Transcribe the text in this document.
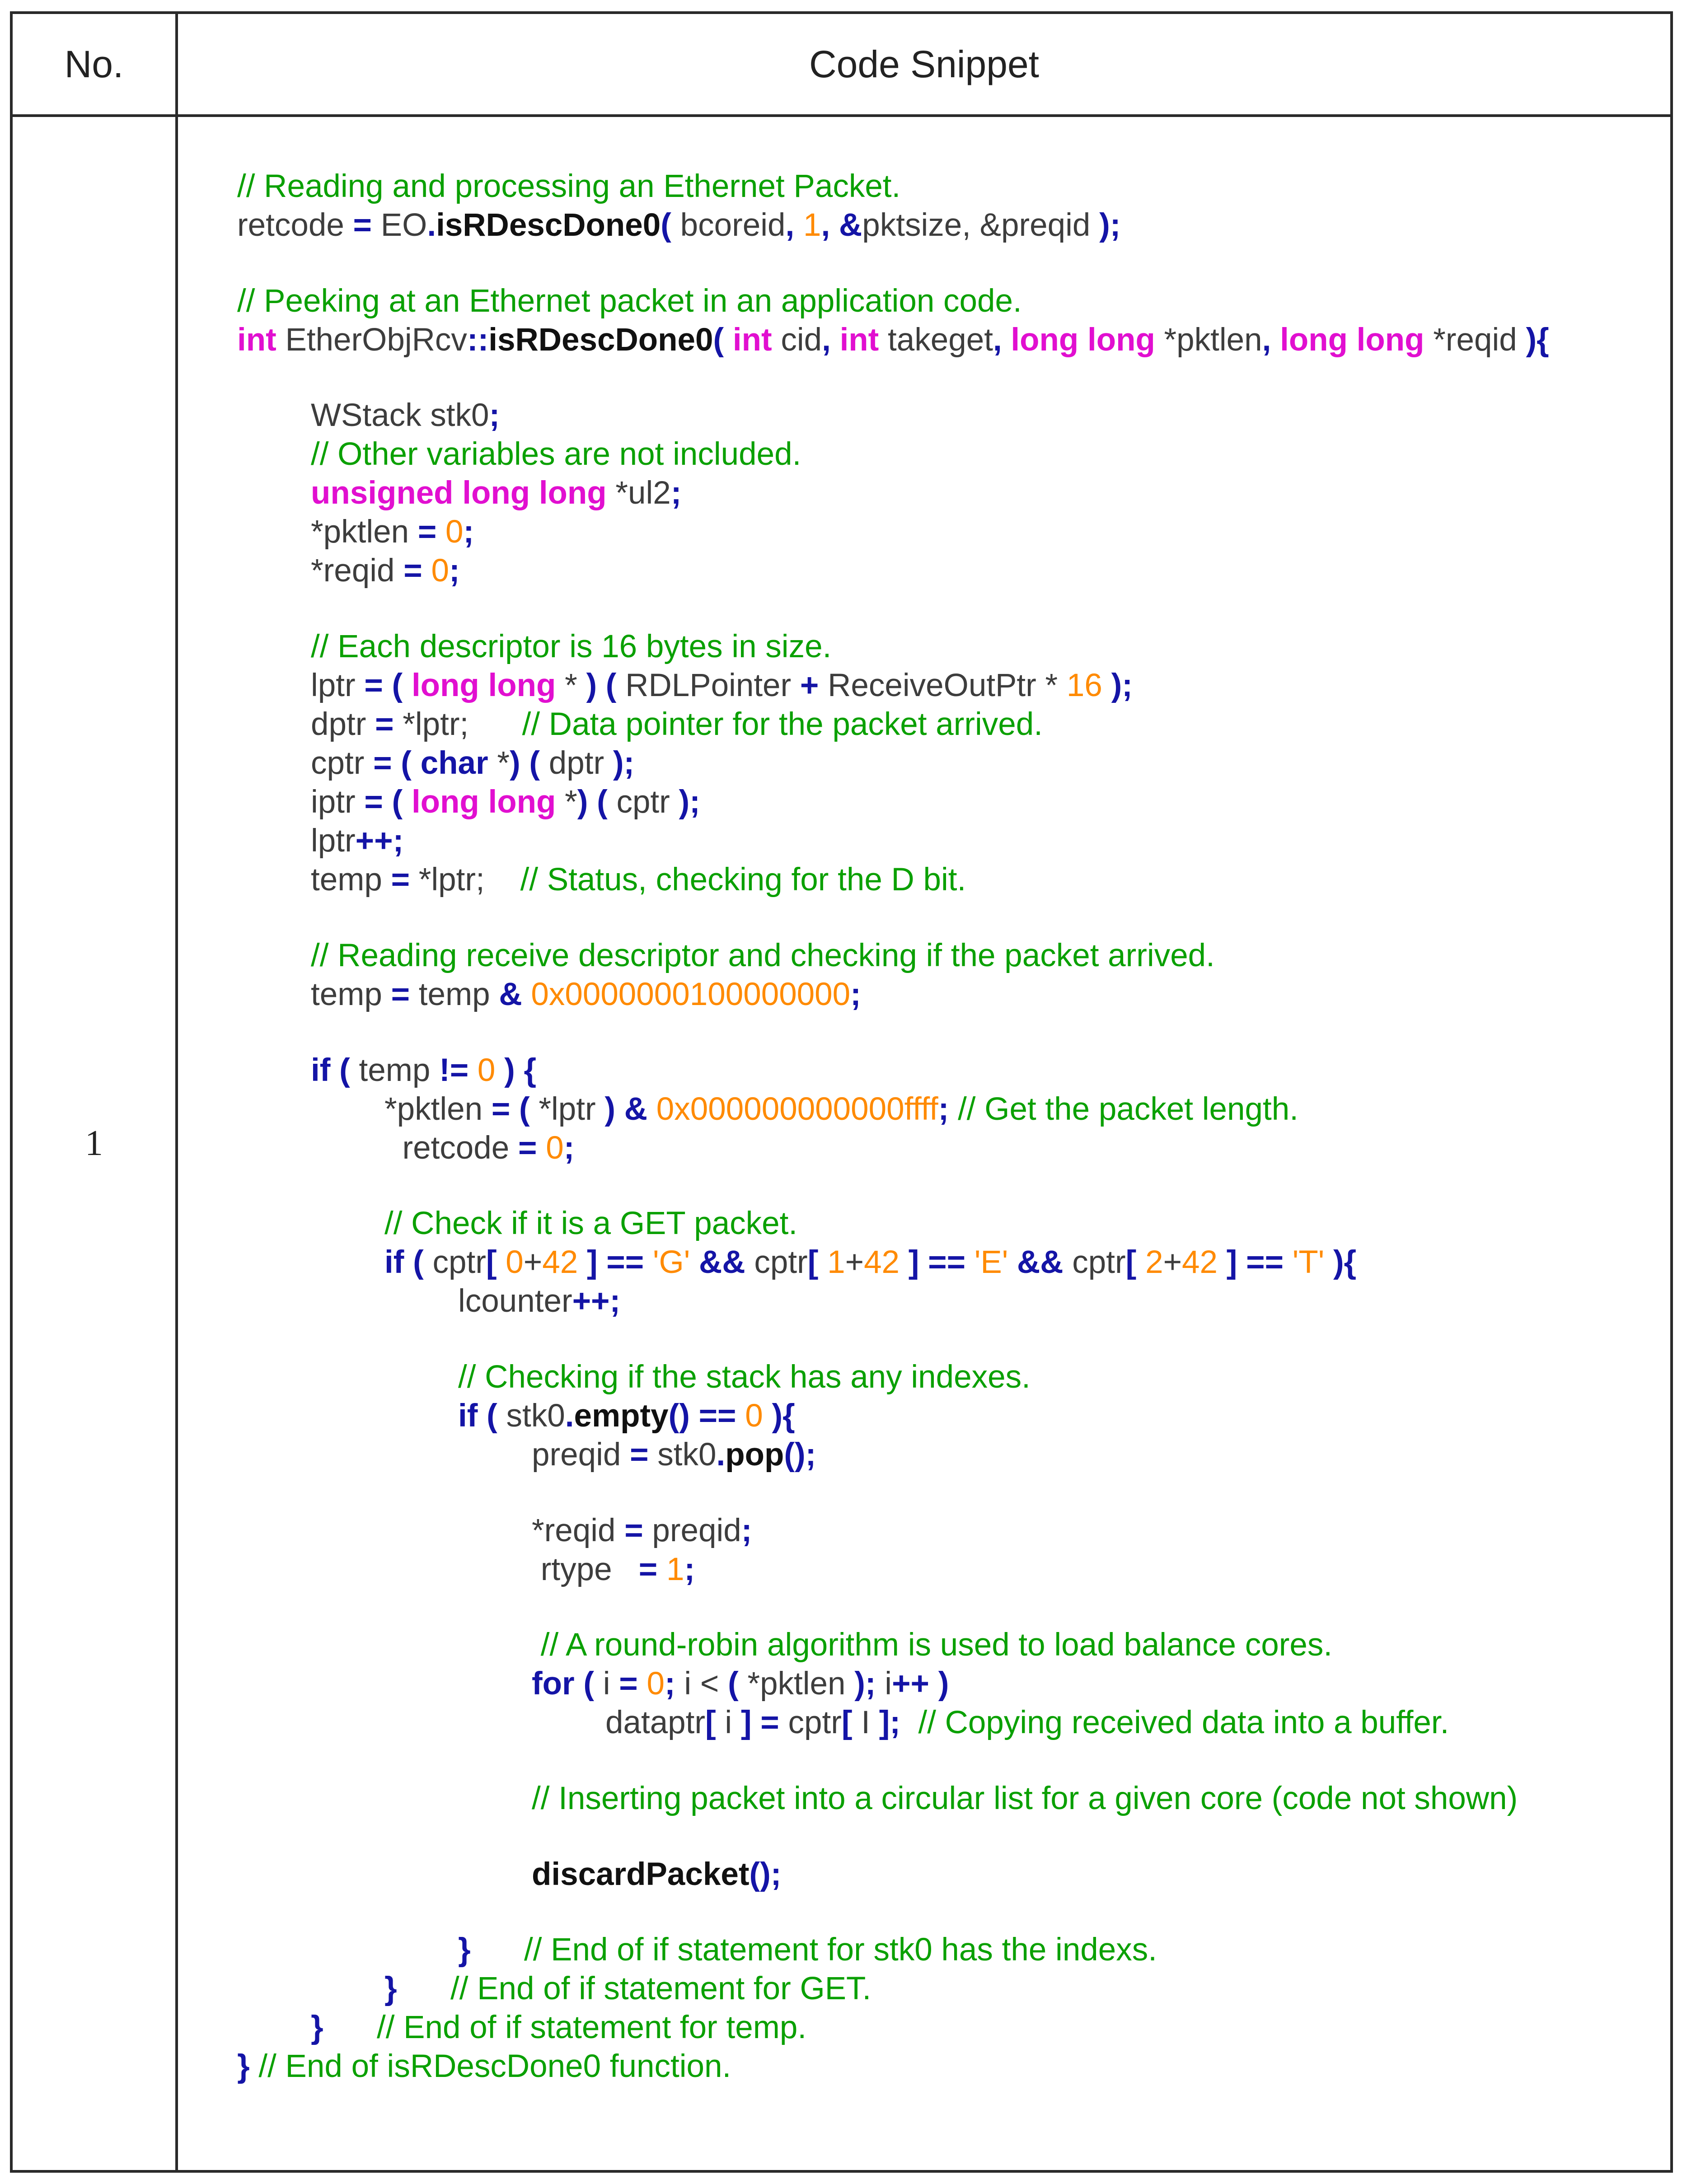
No.	Code Snippet
1
// Reading and processing an Ethernet Packet.
retcode = EO.isRDescDone0( bcoreid, 1, &pktsize, &preqid );
// Peeking at an Ethernet packet in an application code.
int EtherObjRcv::isRDescDone0( int cid, int takeget, long long *pktlen, long long *reqid ){
WStack stk0;
// Other variables are not included.
unsigned long long *ul2;
*pktlen = 0;
*reqid = 0;
// Each descriptor is 16 bytes in size.
lptr = ( long long * ) ( RDLPointer + ReceiveOutPtr * 16 );
dptr = *lptr;      // Data pointer for the packet arrived.
cptr = ( char *) ( dptr );
iptr = ( long long *) ( cptr );
lptr++;
temp = *lptr;    // Status, checking for the D bit.
// Reading receive descriptor and checking if the packet arrived.
temp = temp & 0x0000000100000000;
if ( temp != 0 ) {
*pktlen = ( *lptr ) & 0x000000000000ffff; // Get the packet length.
retcode = 0;
// Check if it is a GET packet.
if ( cptr[ 0+42 ] == 'G' && cptr[ 1+42 ] == 'E' && cptr[ 2+42 ] == 'T' ){
lcounter++;
// Checking if the stack has any indexes.
if ( stk0.empty() == 0 ){
preqid = stk0.pop();
*reqid = preqid;
rtype   = 1;
// A round-robin algorithm is used to load balance cores.
for ( i = 0; i < ( *pktlen ); i++ )
dataptr[ i ] = cptr[ I ]; // Copying received data into a buffer.
// Inserting packet into a circular list for a given core (code not shown)
discardPacket();
} // End of if statement for stk0 has the indexs.
} // End of if statement for GET.
} // End of if statement for temp.
} // End of isRDescDone0 function.
